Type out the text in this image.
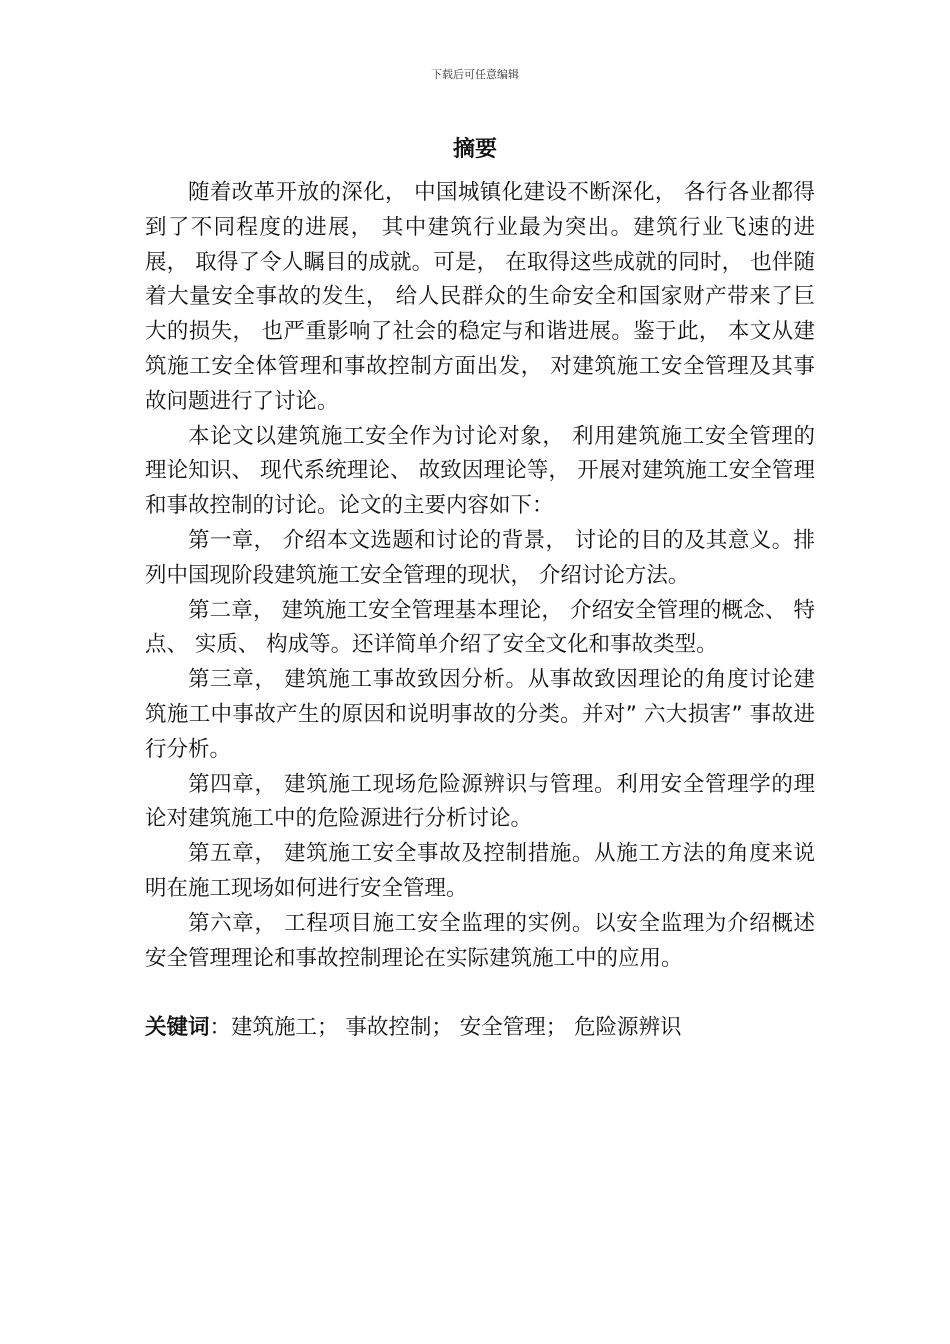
下载后可任意编辑
摘要

随着改革开放的深化， 中国城镇化建设不断深化， 各行各业都得到了不同程度的进展， 其中建筑行业最为突出。建筑行业飞速的进展， 取得了令人瞩目的成就。可是， 在取得这些成就的同时， 也伴随着大量安全事故的发生， 给人民群众的生命安全和国家财产带来了巨大的损失， 也严重影响了社会的稳定与和谐进展。鉴于此， 本文从建筑施工安全体管理和事故控制方面出发， 对建筑施工安全管理及其事故问题进行了讨论。

本论文以建筑施工安全作为讨论对象， 利用建筑施工安全管理的理论知识、 现代系统理论、 故致因理论等， 开展对建筑施工安全管理和事故控制的讨论。论文的主要内容如下：

第一章， 介绍本文选题和讨论的背景， 讨论的目的及其意义。排列中国现阶段建筑施工安全管理的现状， 介绍讨论方法。

第二章， 建筑施工安全管理基本理论， 介绍安全管理的概念、 特点、 实质、 构成等。还详简单介绍了安全文化和事故类型。

第三章， 建筑施工事故致因分析。从事故致因理论的角度讨论建筑施工中事故产生的原因和说明事故的分类。并对” 六大损害” 事故进行分析。

第四章， 建筑施工现场危险源辨识与管理。利用安全管理学的理论对建筑施工中的危险源进行分析讨论。

第五章， 建筑施工安全事故及控制措施。从施工方法的角度来说明在施工现场如何进行安全管理。

第六章， 工程项目施工安全监理的实例。以安全监理为介绍概述安全管理理论和事故控制理论在实际建筑施工中的应用。

关键词：建筑施工； 事故控制； 安全管理； 危险源辨识
